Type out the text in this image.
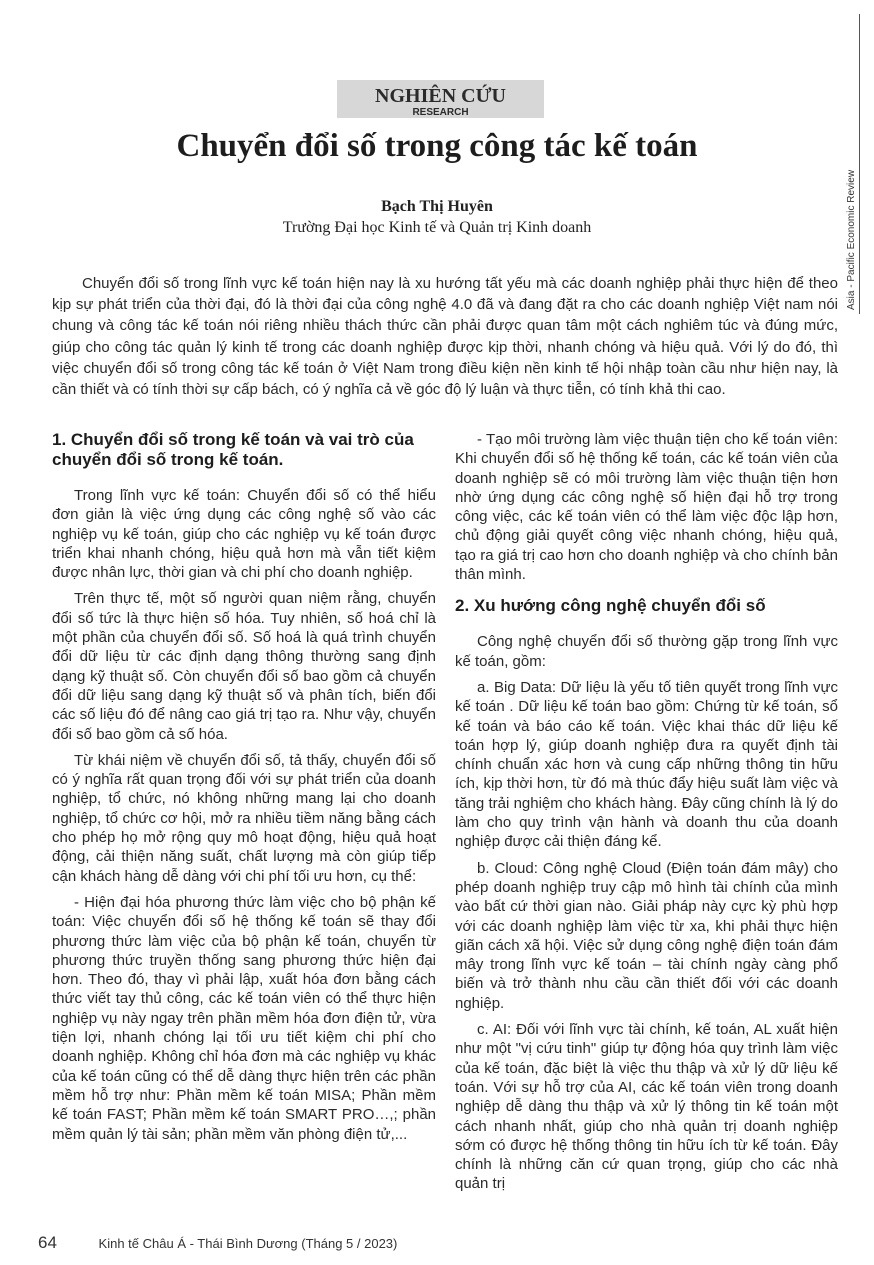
Asia - Pacific Economic Review
NGHIÊN CỨU
RESEARCH
Chuyển đổi số trong công tác kế toán

Bạch Thị Huyên

Trường Đại học Kinh tế và Quản trị Kinh doanh

Chuyển đổi số trong lĩnh vực kế toán hiện nay là xu hướng tất yếu mà các doanh nghiệp phải thực hiện để theo kịp sự phát triển của thời đại, đó là thời đại của công nghệ 4.0 đã và đang đặt ra cho các doanh nghiệp Việt nam nói chung và công tác kế toán nói riêng nhiều thách thức cần phải được quan tâm một cách nghiêm túc và đúng mức, giúp cho công tác quản lý kinh tế trong các doanh nghiệp được kịp thời, nhanh chóng và hiệu quả. Với lý do đó, thì việc chuyển đổi số trong công tác kế toán ở Việt Nam trong điều kiện nền kinh tế hội nhập toàn cầu như hiện nay, là cần thiết và có tính thời sự cấp bách, có ý nghĩa cả về góc độ lý luận và thực tiễn, có tính khả thi cao.

1. Chuyển đổi số trong kế toán và vai trò của chuyển đổi số trong kế toán.

Trong lĩnh vực kế toán: Chuyển đổi số có thể hiểu đơn giản là việc ứng dụng các công nghệ số vào các nghiệp vụ kế toán, giúp cho các nghiệp vụ kế toán được triển khai nhanh chóng, hiệu quả hơn mà vẫn tiết kiệm được nhân lực, thời gian và chi phí cho doanh nghiệp.

Trên thực tế, một số người quan niệm rằng, chuyển đổi số tức là thực hiện số hóa. Tuy nhiên, số hoá chỉ là một phần của chuyển đổi số. Số hoá là quá trình chuyển đổi dữ liệu từ các định dạng thông thường sang định dạng kỹ thuật số. Còn chuyển đổi số bao gồm cả chuyển đổi dữ liệu sang dạng kỹ thuật số và phân tích, biến đổi các số liệu đó để nâng cao giá trị tạo ra. Như vậy, chuyển đổi số bao gồm cả số hóa.

Từ khái niệm về chuyển đổi số, tả thấy, chuyển đổi số có ý nghĩa rất quan trọng đối với sự phát triển của doanh nghiệp, tổ chức, nó không những mang lại cho doanh nghiệp, tổ chức cơ hội, mở ra nhiều tiềm năng bằng cách cho phép họ mở rộng quy mô hoạt động, hiệu quả hoạt động, cải thiện năng suất, chất lượng mà còn giúp tiếp cận khách hàng dễ dàng với chi phí tối ưu hơn, cụ thể:

- Hiện đại hóa phương thức làm việc cho bộ phận kế toán: Việc chuyển đổi số hệ thống kế toán sẽ thay đổi phương thức làm việc của bộ phận kế toán, chuyển từ phương thức truyền thống sang phương thức hiện đại hơn. Theo đó, thay vì phải lập, xuất hóa đơn bằng cách thức viết tay thủ công, các kế toán viên có thể thực hiện nghiệp vụ này ngay trên phần mềm hóa đơn điện tử, vừa tiện lợi, nhanh chóng lại tối ưu tiết kiệm chi phí cho doanh nghiệp. Không chỉ hóa đơn mà các nghiệp vụ khác của kế toán cũng có thể dễ dàng thực hiện trên các phần mềm hỗ trợ như: Phần mềm kế toán MISA; Phần mềm kế toán FAST; Phần mềm kế toán SMART PRO…,; phần mềm quản lý tài sản; phần mềm văn phòng điện tử,...

- Tạo môi trường làm việc thuận tiện cho kế toán viên: Khi chuyển đổi số hệ thống kế toán, các kế toán viên của doanh nghiệp sẽ có môi trường làm việc thuận tiện hơn nhờ ứng dụng các công nghệ số hiện đại hỗ trợ trong công việc, các kế toán viên có thể làm việc độc lập hơn, chủ động giải quyết công việc nhanh chóng, hiệu quả, tạo ra giá trị cao hơn cho doanh nghiệp và cho chính bản thân mình.

2. Xu hướng công nghệ chuyển đổi số

Công nghệ chuyển đổi số thường gặp trong lĩnh vực kế toán, gồm:

a. Big Data: Dữ liệu là yếu tố tiên quyết trong lĩnh vực kế toán . Dữ liệu kế toán bao gồm: Chứng từ kế toán, sổ kế toán và báo cáo kế toán. Việc khai thác dữ liệu kế toán hợp lý, giúp doanh nghiệp đưa ra quyết định tài chính chuẩn xác hơn và cung cấp những thông tin hữu ích, kịp thời hơn, từ đó mà thúc đẩy hiệu suất làm việc và tăng trải nghiệm cho khách hàng. Đây cũng chính là lý do làm cho quy trình vận hành và doanh thu của doanh nghiệp được cải thiện đáng kể.

b. Cloud: Công nghệ Cloud (Điện toán đám mây) cho phép doanh nghiệp truy cập mô hình tài chính của mình vào bất cứ thời gian nào. Giải pháp này cực kỳ phù hợp với các doanh nghiệp làm việc từ xa, khi phải thực hiện giãn cách xã hội. Việc sử dụng công nghệ điện toán đám mây trong lĩnh vực kế toán – tài chính ngày càng phổ biến và trở thành nhu cầu cần thiết đối với các doanh nghiệp.

c. AI: Đối với lĩnh vực tài chính, kế toán, AL xuất hiện như một "vị cứu tinh" giúp tự động hóa quy trình làm việc của kế toán, đặc biệt là việc thu thập và xử lý dữ liệu kế toán. Với sự hỗ trợ của AI, các kế toán viên trong doanh nghiệp dễ dàng thu thập và xử lý thông tin kế toán một cách nhanh nhất, giúp cho nhà quản trị doanh nghiệp sớm có được hệ thống thông tin hữu ích từ kế toán. Đây chính là những căn cứ quan trọng, giúp cho các nhà quản trị

64	Kinh tế Châu Á - Thái Bình Dương (Tháng 5 / 2023)
